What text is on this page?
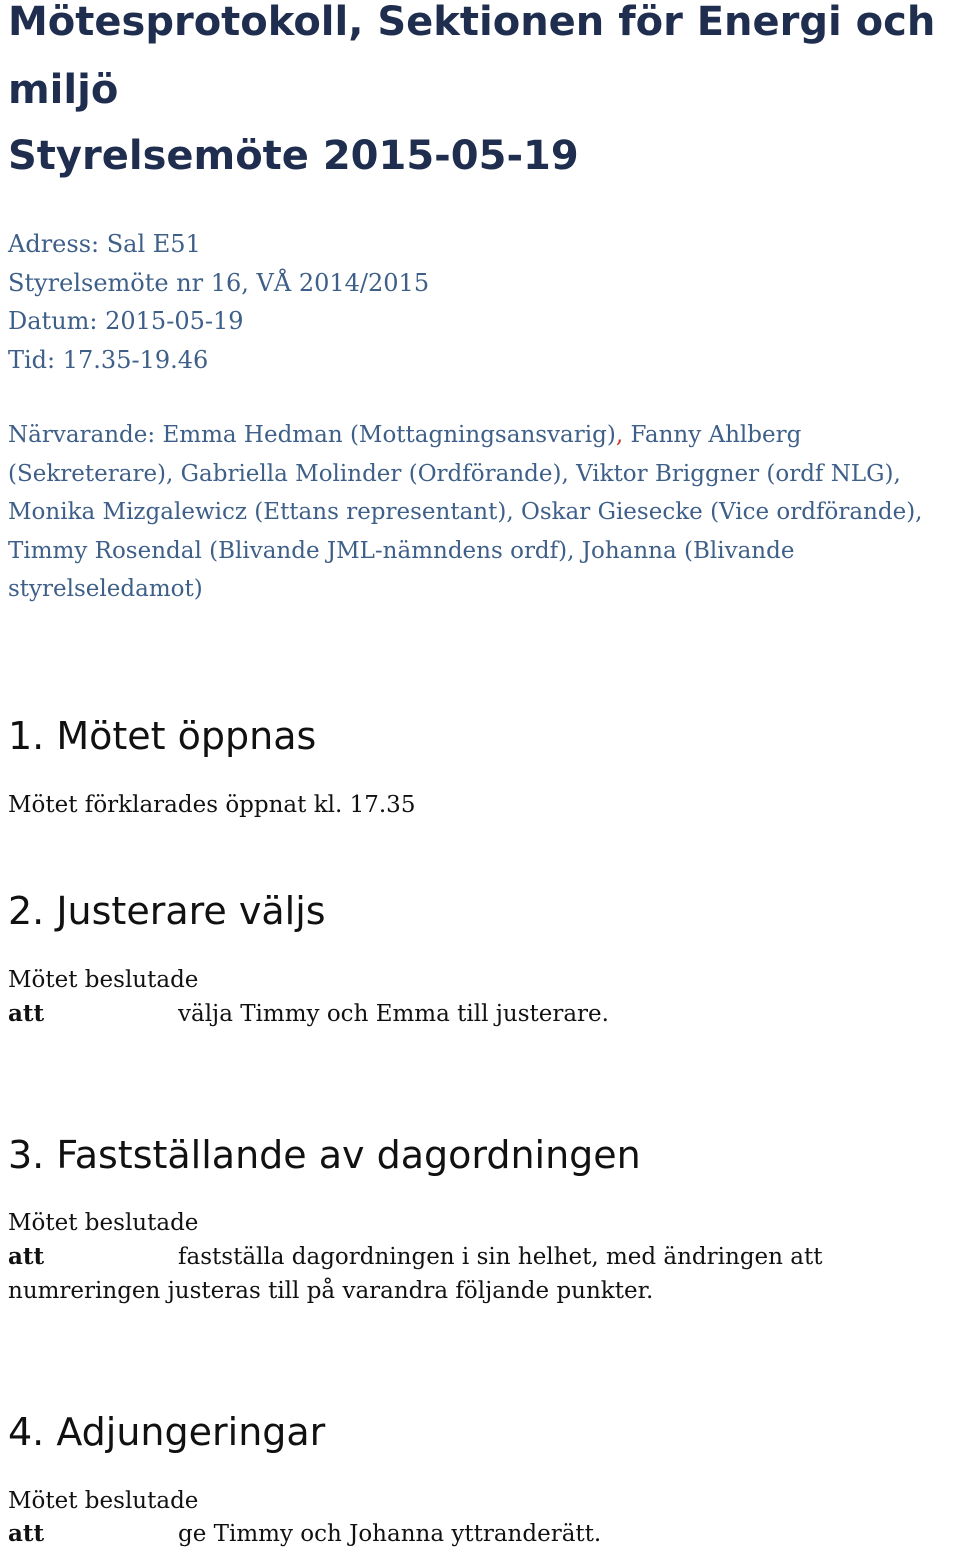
Mötesprotokoll, Sektionen för Energi och
miljö
Styrelsemöte 2015-05-19

Adress: Sal E51

Styrelsemöte nr 16, VÅ 2014/2015

Datum: 2015-05-19

Tid: 17.35-19.46

Närvarande: Emma Hedman (Mottagningsansvarig), Fanny Ahlberg (Sekreterare), Gabriella Molinder (Ordförande), Viktor Briggner (ordf NLG), Monika Mizgalewicz (Ettans representant), Oskar Giesecke (Vice ordförande), Timmy Rosendal (Blivande JML-nämndens ordf), Johanna (Blivande styrelseledamot)

1. Mötet öppnas

Mötet förklarades öppnat kl. 17.35

2. Justerare väljs

Mötet beslutade

att	välja Timmy och Emma till justerare.

3. Fastställande av dagordningen

Mötet beslutade

att	fastställa dagordningen i sin helhet, med ändringen att

numreringen justeras till på varandra följande punkter.

4. Adjungeringar

Mötet beslutade

att	ge Timmy och Johanna yttranderätt.
